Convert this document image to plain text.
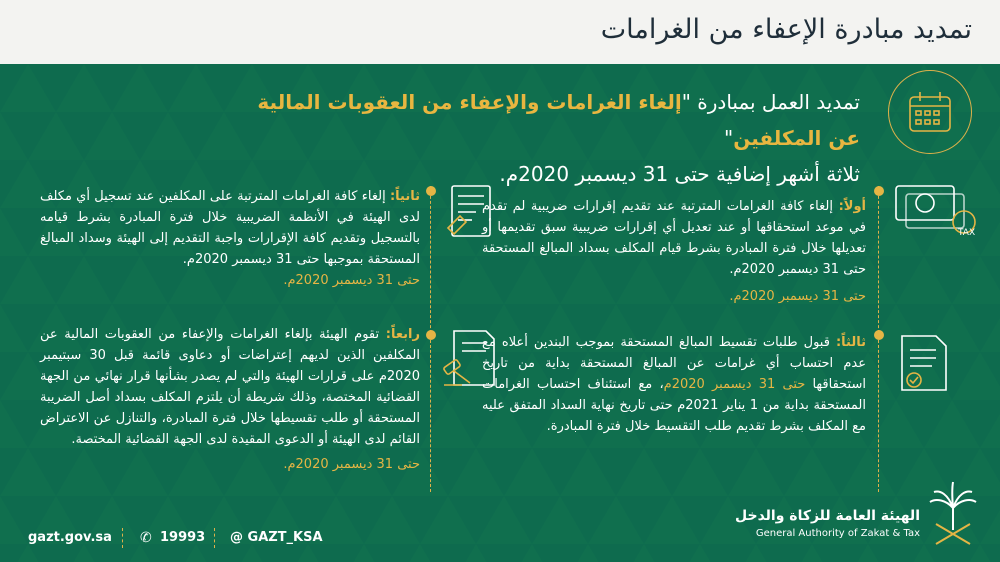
تمديد مبادرة الإعفاء من الغرامات
تمديد العمل بمبادرة "إلغاء الغرامات والإعفاء من العقوبات المالية عن المكلفين"
ثلاثة أشهر إضافية حتى 31 ديسمبر 2020م.
TAX
أولاً: إلغاء كافة الغرامات المترتبة عند تقديم إقرارات ضريبية لم تقدم في موعد استحقاقها أو عند تعديل أي إقرارات ضريبية سبق تقديمها أو تعديلها خلال فترة المبادرة بشرط قيام المكلف بسداد المبالغ المستحقة حتى 31 ديسمبر 2020م.
حتى 31 ديسمبر 2020م.
ثانياً: إلغاء كافة الغرامات المترتبة على المكلفين عند تسجيل أي مكلف لدى الهيئة في الأنظمة الضريبية خلال فترة المبادرة بشرط قيامه بالتسجيل وتقديم كافة الإقرارات واجبة التقديم إلى الهيئة وسداد المبالغ المستحقة بموجبها حتى 31 ديسمبر 2020م.
حتى 31 ديسمبر 2020م.
ثالثاً: قبول طلبات تقسيط المبالغ المستحقة بموجب البندين أعلاه مع عدم احتساب أي غرامات عن المبالغ المستحقة بداية من تاريخ استحقاقها حتى 31 ديسمبر 2020م، مع استئناف احتساب الغرامات المستحقة بداية من 1 يناير 2021م حتى تاريخ نهاية السداد المتفق عليه مع المكلف بشرط تقديم طلب التقسيط خلال فترة المبادرة.
رابعاً: تقوم الهيئة بإلغاء الغرامات والإعفاء من العقوبات المالية عن المكلفين الذين لديهم إعتراضات أو دعاوى قائمة قبل 30 سبتيمبر 2020م على قرارات الهيئة والتي لم يصدر بشأنها قرار نهائي من الجهة القضائية المختصة، وذلك شريطة أن يلتزم المكلف بسداد أصل الضريبة المستحقة أو طلب تقسيطها خلال فترة المبادرة، والتنازل عن الاعتراض القائم لدى الهيئة أو الدعوى المقيدة لدى الجهة القضائية المختصة.
حتى 31 ديسمبر 2020م.
gazt.gov.sa ✆ 19993 @ GAZT_KSA
الهيئة العامة للزكاة والدخل
General Authority of Zakat & Tax
